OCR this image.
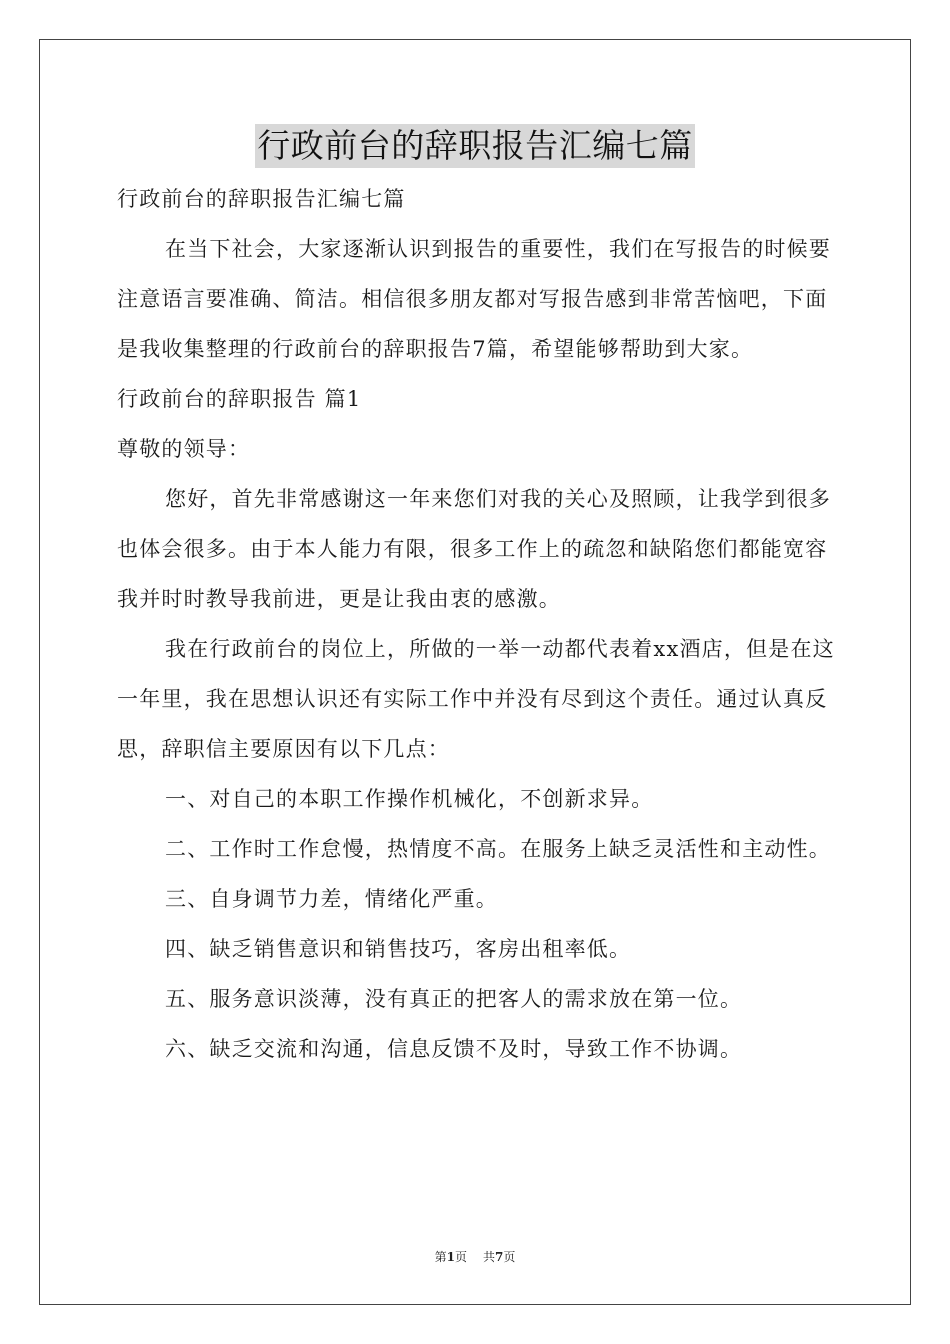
行政前台的辞职报告汇编七篇

行政前台的辞职报告汇编七篇

在当下社会，大家逐渐认识到报告的重要性，我们在写报告的时候要注意语言要准确、简洁。相信很多朋友都对写报告感到非常苦恼吧，下面是我收集整理的行政前台的辞职报告7篇，希望能够帮助到大家。

行政前台的辞职报告 篇1

尊敬的领导：

您好，首先非常感谢这一年来您们对我的关心及照顾，让我学到很多也体会很多。由于本人能力有限，很多工作上的疏忽和缺陷您们都能宽容我并时时教导我前进，更是让我由衷的感激。

我在行政前台的岗位上，所做的一举一动都代表着xx酒店，但是在这一年里，我在思想认识还有实际工作中并没有尽到这个责任。通过认真反思，辞职信主要原因有以下几点：

一、对自己的本职工作操作机械化，不创新求异。

二、工作时工作怠慢，热情度不高。在服务上缺乏灵活性和主动性。

三、自身调节力差，情绪化严重。

四、缺乏销售意识和销售技巧，客房出租率低。

五、服务意识淡薄，没有真正的把客人的需求放在第一位。

六、缺乏交流和沟通，信息反馈不及时，导致工作不协调。

第1页 共7页
